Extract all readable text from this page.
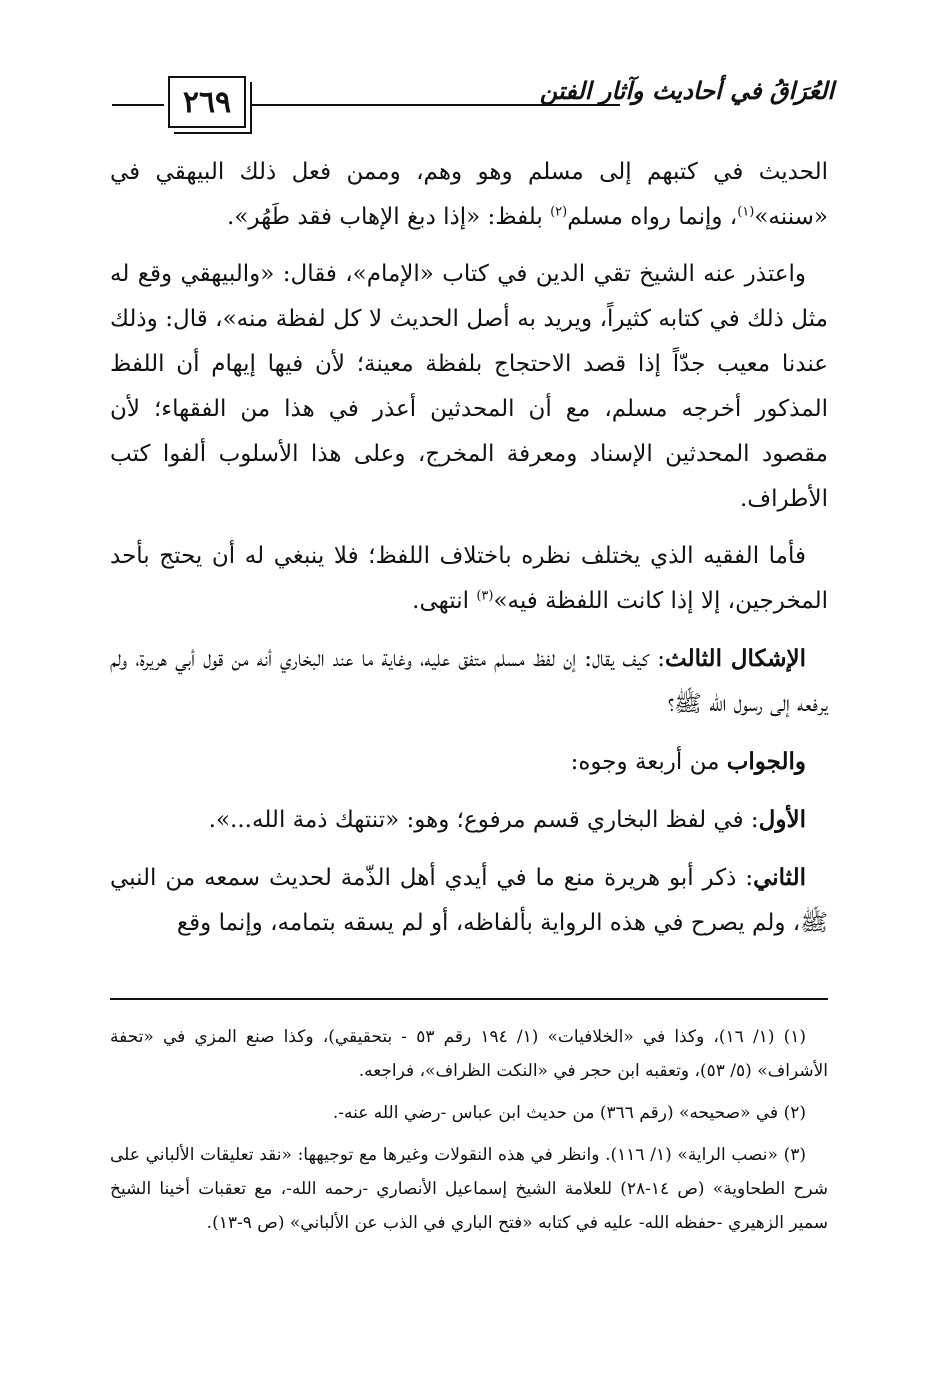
٢٦٩	العُرَاقُ في أحاديث وآثار الفتن

الحديث في كتبهم إلى مسلم وهو وهم، وممن فعل ذلك البيهقي في «سننه»$^{(١)}$، وإنما رواه مسلم$^{(٢)}$ بلفظ: «إذا دبغ الإهاب فقد طَهُر».

واعتذر عنه الشيخ تقي الدين في كتاب «الإمام»، فقال: «والبيهقي وقع له مثل ذلك في كتابه كثيراً، ويريد به أصل الحديث لا كل لفظة منه»، قال: وذلك عندنا معيب جدّاً إذا قصد الاحتجاج بلفظة معينة؛ لأن فيها إيهام أن اللفظ المذكور أخرجه مسلم، مع أن المحدثين أعذر في هذا من الفقهاء؛ لأن مقصود المحدثين الإسناد ومعرفة المخرج، وعلى هذا الأسلوب ألفوا كتب الأطراف.

فأما الفقيه الذي يختلف نظره باختلاف اللفظ؛ فلا ينبغي له أن يحتج بأحد المخرجين، إلا إذا كانت اللفظة فيه»$^{(٣)}$ انتهى.

الإشكال الثالث: كيف يقال: إن لفظ مسلم متفق عليه، وغاية ما عند البخاري أنه من قول أبي هريرة، ولم يرفعه إلى رسول الله ﷺ؟

والجواب من أربعة وجوه:

الأول: في لفظ البخاري قسم مرفوع؛ وهو: «تنتهك ذمة الله...».

الثاني: ذكر أبو هريرة منع ما في أيدي أهل الذّمة لحديث سمعه من النبي ﷺ، ولم يصرح في هذه الرواية بألفاظه، أو لم يسقه بتمامه، وإنما وقع

(١) (١/ ١٦)، وكذا في «الخلافيات» (١/ ١٩٤ رقم ٥٣ - بتحقيقي)، وكذا صنع المزي في «تحفة الأشراف» (٥/ ٥٣)، وتعقبه ابن حجر في «النكت الظراف»، فراجعه.

(٢) في «صحيحه» (رقم ٣٦٦) من حديث ابن عباس -رضي الله عنه-.

(٣) «نصب الراية» (١/ ١١٦). وانظر في هذه النقولات وغيرها مع توجيهها: «نقد تعليقات الألباني على شرح الطحاوية» (ص ١٤-٢٨) للعلامة الشيخ إسماعيل الأنصاري -رحمه الله-، مع تعقبات أخينا الشيخ سمير الزهيري -حفظه الله- عليه في كتابه «فتح الباري في الذب عن الألباني» (ص ٩-١٣).
